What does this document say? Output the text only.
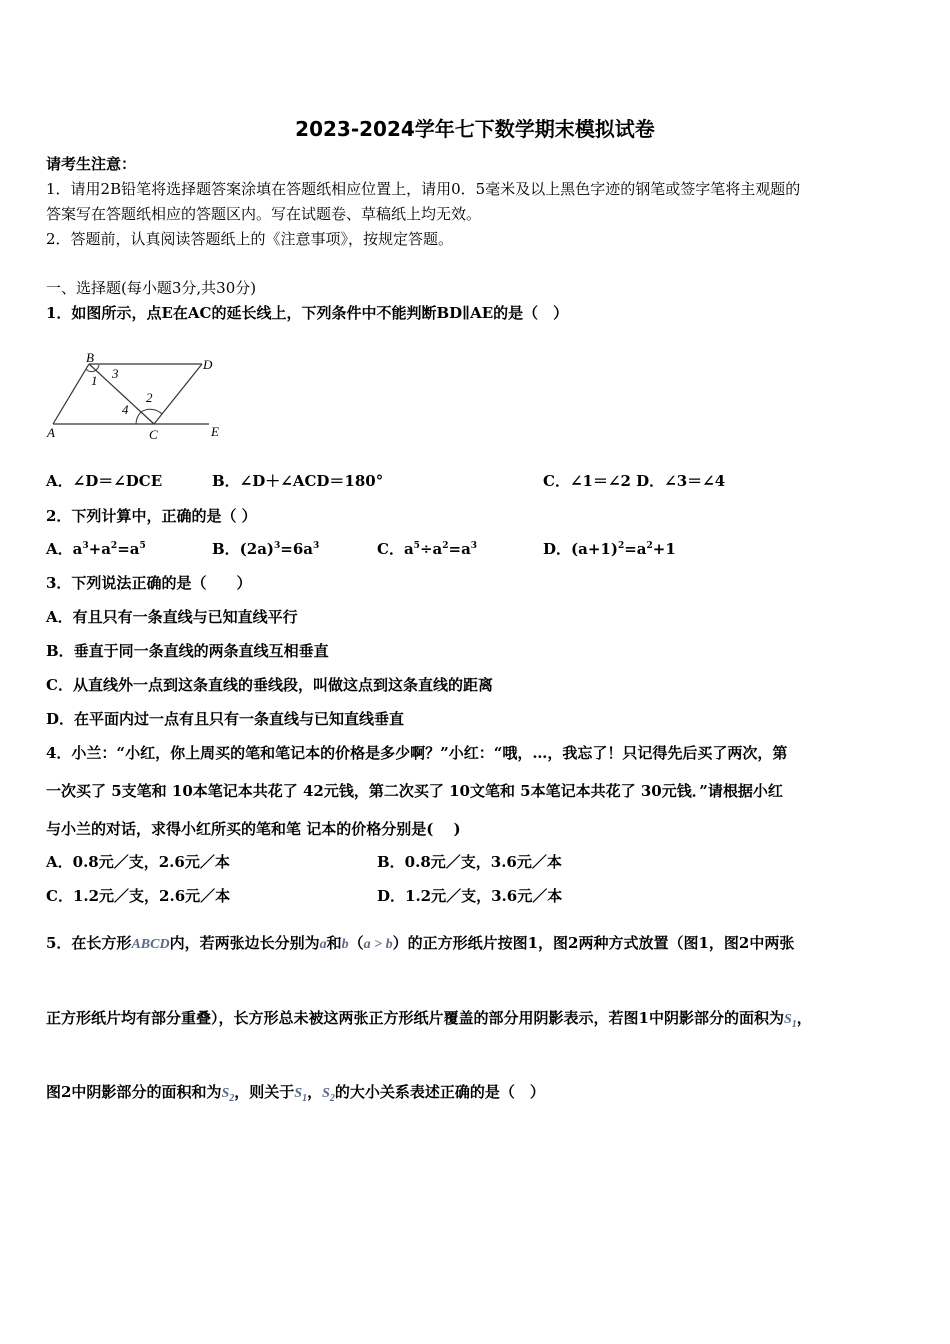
2023-2024学年七下数学期末模拟试卷
请考生注意：
1．请用2B铅笔将选择题答案涂填在答题纸相应位置上，请用0．5毫米及以上黑色字迹的钢笔或签字笔将主观题的
答案写在答题纸相应的答题区内。写在试题卷、草稿纸上均无效。
2．答题前，认真阅读答题纸上的《注意事项》，按规定答题。
一、选择题(每小题3分,共30分)
1．如图所示，点E在AC的延长线上，下列条件中不能判断BD∥AE的是（　）
B	D
A	C	E
1 3
2
4
A．∠D＝∠DCE	B．∠D＋∠ACD＝180°	C．∠1＝∠2 D．∠3＝∠4
2．下列计算中，正确的是（ ）
A．$a^3+a^2=a^5$	B．$(2a)^3=6a^3$	C．$a^5\div a^2=a^3$	D．$(a+1)^2=a^2+1$
3．下列说法正确的是（　　）
A．有且只有一条直线与已知直线平行
B．垂直于同一条直线的两条直线互相垂直
C．从直线外一点到这条直线的垂线段，叫做这点到这条直线的距离
D．在平面内过一点有且只有一条直线与已知直线垂直
4．小兰：“小红，你上周买的笔和笔记本的价格是多少啊？”小红：“哦，…，我忘了！只记得先后买了两次，第
一次买了 5支笔和 10本笔记本共花了 42元钱，第二次买了 10文笔和 5本笔记本共花了 30元钱．”请根据小红
与小兰的对话，求得小红所买的笔和笔 记本的价格分别是(　 )
A．0.8元／支，2.6元／本	B．0.8元／支，3.6元／本
C．1.2元／支，2.6元／本	D．1.2元／支，3.6元／本
5．在长方形ABCD内，若两张边长分别为a和b（a > b）的正方形纸片按图1，图2两种方式放置（图1，图2中两张
正方形纸片均有部分重叠），长方形总未被这两张正方形纸片覆盖的部分用阴影表示，若图1中阴影部分的面积为$S_1$，
图2中阴影部分的面积和为$S_2$，则关于$S_1$，$S_2$的大小关系表述正确的是（　）
